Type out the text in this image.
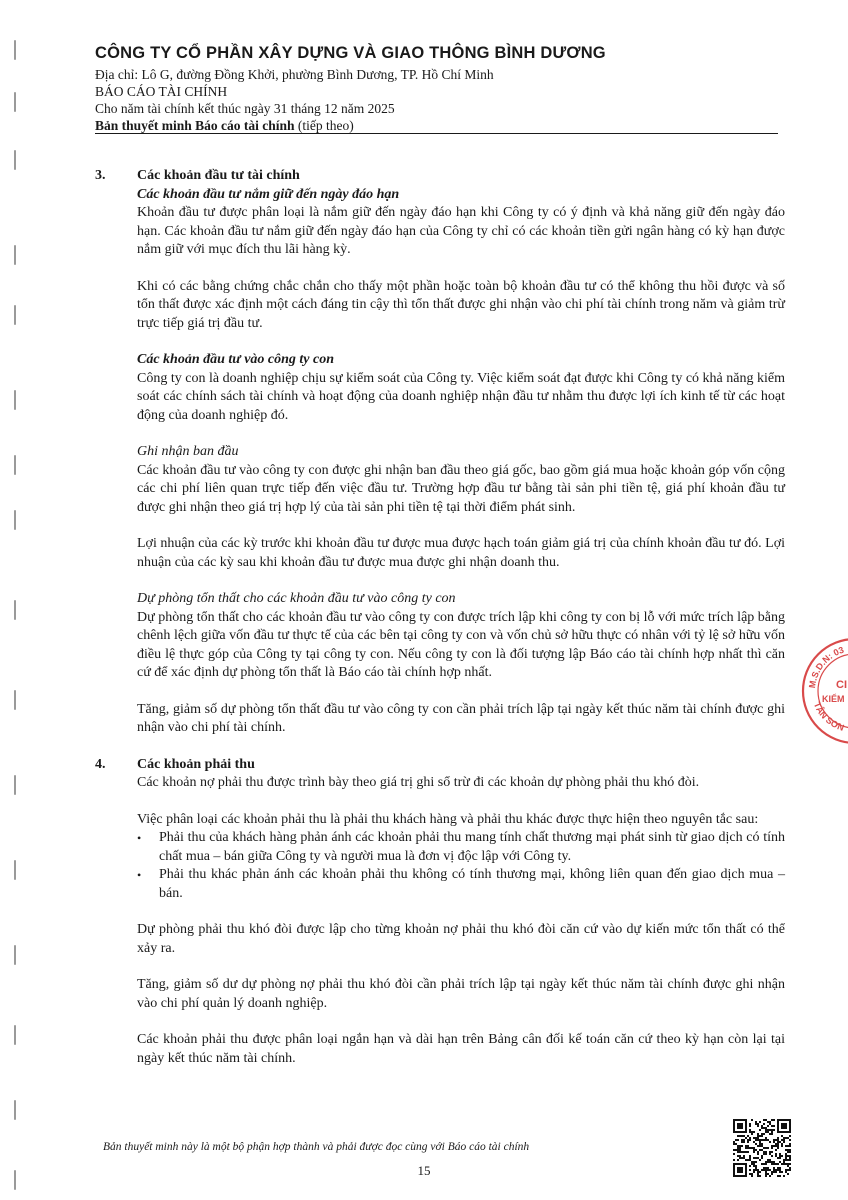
CÔNG TY CỔ PHẦN XÂY DỰNG VÀ GIAO THÔNG BÌNH DƯƠNG
Địa chỉ: Lô G, đường Đồng Khởi, phường Bình Dương, TP. Hồ Chí Minh
BÁO CÁO TÀI CHÍNH
Cho năm tài chính kết thúc ngày 31 tháng 12 năm 2025
Bản thuyết minh Báo cáo tài chính (tiếp theo)
3. Các khoản đầu tư tài chính
Các khoản đầu tư nắm giữ đến ngày đáo hạn

Khoản đầu tư được phân loại là nắm giữ đến ngày đáo hạn khi Công ty có ý định và khả năng giữ đến ngày đáo hạn. Các khoản đầu tư nắm giữ đến ngày đáo hạn của Công ty chỉ có các khoản tiền gửi ngân hàng có kỳ hạn được nắm giữ với mục đích thu lãi hàng kỳ.

Khi có các bằng chứng chắc chắn cho thấy một phần hoặc toàn bộ khoản đầu tư có thể không thu hồi được và số tổn thất được xác định một cách đáng tin cậy thì tổn thất được ghi nhận vào chi phí tài chính trong năm và giảm trừ trực tiếp giá trị đầu tư.

Các khoản đầu tư vào công ty con

Công ty con là doanh nghiệp chịu sự kiểm soát của Công ty. Việc kiểm soát đạt được khi Công ty có khả năng kiểm soát các chính sách tài chính và hoạt động của doanh nghiệp nhận đầu tư nhằm thu được lợi ích kinh tế từ các hoạt động của doanh nghiệp đó.

Ghi nhận ban đầu

Các khoản đầu tư vào công ty con được ghi nhận ban đầu theo giá gốc, bao gồm giá mua hoặc khoản góp vốn cộng các chi phí liên quan trực tiếp đến việc đầu tư. Trường hợp đầu tư bằng tài sản phi tiền tệ, giá phí khoản đầu tư được ghi nhận theo giá trị hợp lý của tài sản phi tiền tệ tại thời điểm phát sinh.

Lợi nhuận của các kỳ trước khi khoản đầu tư được mua được hạch toán giảm giá trị của chính khoản đầu tư đó. Lợi nhuận của các kỳ sau khi khoản đầu tư được mua được ghi nhận doanh thu.

Dự phòng tổn thất cho các khoản đầu tư vào công ty con

Dự phòng tổn thất cho các khoản đầu tư vào công ty con được trích lập khi công ty con bị lỗ với mức trích lập bằng chênh lệch giữa vốn đầu tư thực tế của các bên tại công ty con và vốn chủ sở hữu thực có nhân với tỷ lệ sở hữu vốn điều lệ thực góp của Công ty tại công ty con. Nếu công ty con là đối tượng lập Báo cáo tài chính hợp nhất thì căn cứ để xác định dự phòng tổn thất là Báo cáo tài chính hợp nhất.

Tăng, giảm số dự phòng tổn thất đầu tư vào công ty con cần phải trích lập tại ngày kết thúc năm tài chính được ghi nhận vào chi phí tài chính.

4. Các khoản phải thu

Các khoản nợ phải thu được trình bày theo giá trị ghi sổ trừ đi các khoản dự phòng phải thu khó đòi.

Việc phân loại các khoản phải thu là phải thu khách hàng và phải thu khác được thực hiện theo nguyên tắc sau:

• Phải thu của khách hàng phản ánh các khoản phải thu mang tính chất thương mại phát sinh từ giao dịch có tính chất mua – bán giữa Công ty và người mua là đơn vị độc lập với Công ty.
• Phải thu khác phản ánh các khoản phải thu không có tính thương mại, không liên quan đến giao dịch mua – bán.

Dự phòng phải thu khó đòi được lập cho từng khoản nợ phải thu khó đòi căn cứ vào dự kiến mức tổn thất có thể xảy ra.

Tăng, giảm số dư dự phòng nợ phải thu khó đòi cần phải trích lập tại ngày kết thúc năm tài chính được ghi nhận vào chi phí quản lý doanh nghiệp.

Các khoản phải thu được phân loại ngắn hạn và dài hạn trên Bảng cân đối kế toán căn cứ theo kỳ hạn còn lại tại ngày kết thúc năm tài chính.

M.S.D.N: 03
CI
KIỂM
TÂN SƠN
Bản thuyết minh này là một bộ phận hợp thành và phải được đọc cùng với Báo cáo tài chính
15
